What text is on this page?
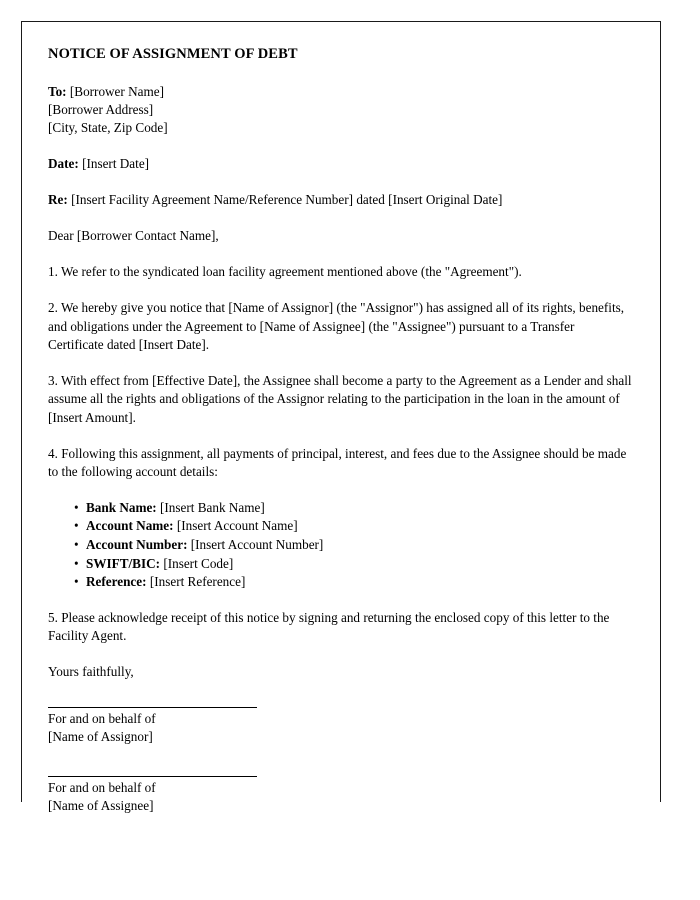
NOTICE OF ASSIGNMENT OF DEBT
To: [Borrower Name]
[Borrower Address]
[City, State, Zip Code]
Date: [Insert Date]
Re: [Insert Facility Agreement Name/Reference Number] dated [Insert Original Date]
Dear [Borrower Contact Name],
1. We refer to the syndicated loan facility agreement mentioned above (the "Agreement").
2. We hereby give you notice that [Name of Assignor] (the "Assignor") has assigned all of its rights, benefits, and obligations under the Agreement to [Name of Assignee] (the "Assignee") pursuant to a Transfer Certificate dated [Insert Date].
3. With effect from [Effective Date], the Assignee shall become a party to the Agreement as a Lender and shall assume all the rights and obligations of the Assignor relating to the participation in the loan in the amount of [Insert Amount].
4. Following this assignment, all payments of principal, interest, and fees due to the Assignee should be made to the following account details:
• Bank Name: [Insert Bank Name]
• Account Name: [Insert Account Name]
• Account Number: [Insert Account Number]
• SWIFT/BIC: [Insert Code]
• Reference: [Insert Reference]
5. Please acknowledge receipt of this notice by signing and returning the enclosed copy of this letter to the Facility Agent.
Yours faithfully,
For and on behalf of
[Name of Assignor]
For and on behalf of
[Name of Assignee]
